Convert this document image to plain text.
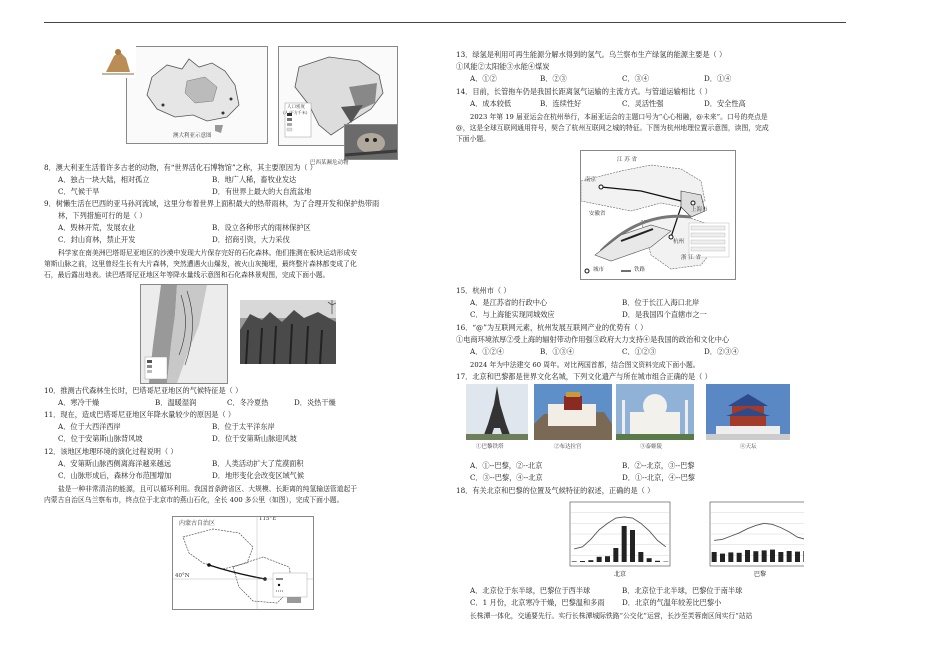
澳大利亚示意图
人口密度
(人/平方千米)
巴西某濒危动物
8．澳大利亚生活着许多古老的动物，有“世界活化石博物馆”之称，其主要原因为（ ）
A．独占一块大陆，相对孤立	B．地广人稀，畜牧业发达
C．气候干旱	D．有世界上最大的大自流盆地
9．树懒生活在巴西的亚马孙河流域，这里分布着世界上面积最大的热带雨林，为了合理开发和保护热带雨
林，下列措施可行的是（ ）
A．毁林开荒，发展农业	B．设立各种形式的雨林保护区
C．封山育林，禁止开发	D．招商引资，大力采伐
科学家在南美洲巴塔哥尼亚地区的沙漠中发现大片保存完好的石化森林。他们推测在板块运动形成安
第斯山脉之前，这里曾经生长有大片森林，突然遭遇火山爆发，被火山灰掩埋，最终整片森林都变成了化
石，最后露出地表。读巴塔哥尼亚地区年等降水量线示意图和石化森林景观图，完成下面小题。
10．推测古代森林生长时，巴塔哥尼亚地区的气候特征是（ ）
A．寒冷干燥	B．温暖湿润	C．冬冷夏热	D．炎热干燥
11．现在，造成巴塔哥尼亚地区年降水量较少的原因是（ ）
A．位于大西洋西岸	B．位于太平洋东岸
C．位于安第斯山脉背风坡	D．位于安第斯山脉迎风坡
12．该地区地理环境的演化过程说明（ ）
A．安第斯山脉西侧离海洋越来越远	B．人类活动扩大了荒漠面积
C．山脉形成后，森林分布范围增加	D．地形变化会改变区域气候
盐是一种非常清洁的能源，且可以循环利用。我国首条跨省区、大规模、长距离的纯氢输送管道起于
内蒙古自治区乌兰察布市，终点位于北京市的燕山石化，全长 400 多公里（如图），完成下面小题。
内蒙古自治区
115°E
40°N
13．绿氢是利用可再生能源分解水得到的氢气。乌兰察布生产绿氢的能源主要是（ ）
①风能②太阳能③水能④煤炭
A．①②	B．②③	C．③④	D．①④
14．目前，长管拖车仍是我国长距离氢气运输的主流方式。与管道运输相比（ ）
A．成本较低	B．连续性好	C．灵活性强	D．安全性高
2023 年第 19 届亚运会在杭州举行，本届亚运会的主题口号为“心心相融，@未来”。口号的亮点是
@，这是全球互联网通用符号，契合了杭州互联网之城的特征。下图为杭州地理位置示意图，读图，完成
下面小题。
江 苏 省
南京
安徽省
上海市
杭州
浙 江 省
城市	铁路
15．杭州市（ ）
A．是江苏省的行政中心	B．位于长江入海口北岸
C．与上海能实现同城效应	D．是我国四个直辖市之一
16．“@”为互联网元素，杭州发展互联网产业的优势有（ ）
①电商环境浓厚②受上海的辐射带动作用强③政府大力支持④是我国的政治和文化中心
A．①②④	B．①③④	C．①②③	D．②③④
2024 年为中法建交 60 周年。对比两国首都，结合图文资料完成下面小题。
17．北京和巴黎都是世界文化名城，下列文化遗产与所在城市组合正确的是（ ）
①巴黎铁塔	②布达拉宫	③泰姬陵	④天坛
A．①--巴黎，②--北京	B．②--北京，③--巴黎
C．③--巴黎，④--北京	D．①--北京，④--巴黎
18．有关北京和巴黎的位置及气候特征的叙述，正确的是（ ）
北京	巴黎
A．北京位于东半球，巴黎位于西半球	B．北京位于北半球，巴黎位于南半球
C．1 月份，北京寒冷干燥，巴黎温和多雨 D．北京的气温年较差比巴黎小
长株潭一体化，交通要先行。实行长株潭城际铁路“公交化”运营，长沙至芙蓉南区间实行“站站
